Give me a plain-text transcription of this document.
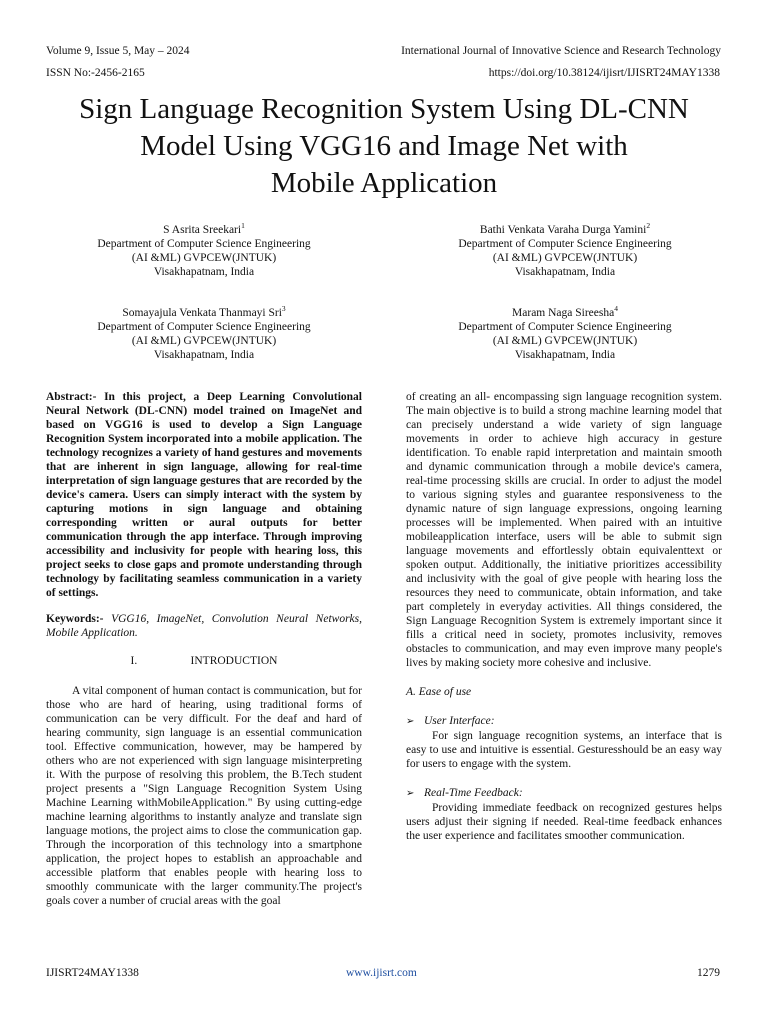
Volume 9, Issue 5, May – 2024	International Journal of Innovative Science and Research Technology
ISSN No:-2456-2165	https://doi.org/10.38124/ijisrt/IJISRT24MAY1338
Sign Language Recognition System Using DL-CNN
Model Using VGG16 and Image Net with
Mobile Application
S Asrita Sreekari$^1$
Department of Computer Science Engineering
(AI &ML) GVPCEW(JNTUK)
Visakhapatnam, India
Bathi Venkata Varaha Durga Yamini$^2$
Department of Computer Science Engineering
(AI &ML) GVPCEW(JNTUK)
Visakhapatnam, India
Somayajula Venkata Thanmayi Sri$^3$
Department of Computer Science Engineering
(AI &ML) GVPCEW(JNTUK)
Visakhapatnam, India
Maram Naga Sireesha$^4$
Department of Computer Science Engineering
(AI &ML) GVPCEW(JNTUK)
Visakhapatnam, India

Abstract:- In this project, a Deep Learning Convolutional Neural Network (DL-CNN) model trained on ImageNet and based on VGG16 is used to develop a Sign Language Recognition System incorporated into a mobile application. The technology recognizes a variety of hand gestures and movements that are inherent in sign language, allowing for real-time interpretation of sign language gestures that are recorded by the device's camera. Users can simply interact with the system by capturing motions in sign language and obtaining corresponding written or aural outputs for better communication through the app interface. Through improving accessibility and inclusivity for people with hearing loss, this project seeks to close gaps and promote understanding through technology by facilitating seamless communication in a variety of settings.

Keywords:- VGG16, ImageNet, Convolution Neural Networks, Mobile Application.

I.	INTRODUCTION

A vital component of human contact is communication, but for those who are hard of hearing, using traditional forms of communication can be very difficult. For the deaf and hard of hearing community, sign language is an essential communication tool. Effective communication, however, may be hampered by others who are not experienced with sign language misinterpreting it. With the purpose of resolving this problem, the B.Tech student project presents a "Sign Language Recognition System Using Machine Learning withMobileApplication." By using cutting-edge machine learning algorithms to instantly analyze and translate sign language motions, the project aims to close the communication gap. Through the incorporation of this technology into a smartphone application, the project hopes to establish an approachable and accessible platform that enables people with hearing loss to smoothly communicate with the larger community.The project's goals cover a number of crucial areas with the goal

of creating an all- encompassing sign language recognition system. The main objective is to build a strong machine learning model that can precisely understand a wide variety of sign language movements in order to achieve high accuracy in gesture identification. To enable rapid interpretation and maintain smooth and dynamic communication through a mobile device's camera, real-time processing skills are crucial. In order to adjust the model to various signing styles and guarantee responsiveness to the dynamic nature of sign language expressions, ongoing learning processes will be implemented. When paired with an intuitive mobileapplication interface, users will be able to submit sign language movements and effortlessly obtain equivalenttext or spoken output. Additionally, the initiative prioritizes accessibility and inclusivity with the goal of give people with hearing loss the resources they need to communicate, obtain information, and take part completely in everyday activities. All things considered, the Sign Language Recognition System is extremely important since it fills a critical need in society, promotes inclusivity, removes obstacles to communication, and may even improve many people's lives by making society more cohesive and inclusive.

A. Ease of use

➢ User Interface:

For sign language recognition systems, an interface that is easy to use and intuitive is essential. Gesturesshould be an easy way for users to engage with the system.

➢ Real-Time Feedback:

Providing immediate feedback on recognized gestures helps users adjust their signing if needed. Real-time feedback enhances the user experience and facilitates smoother communication.

IJISRT24MAY1338	www.ijisrt.com	1279
